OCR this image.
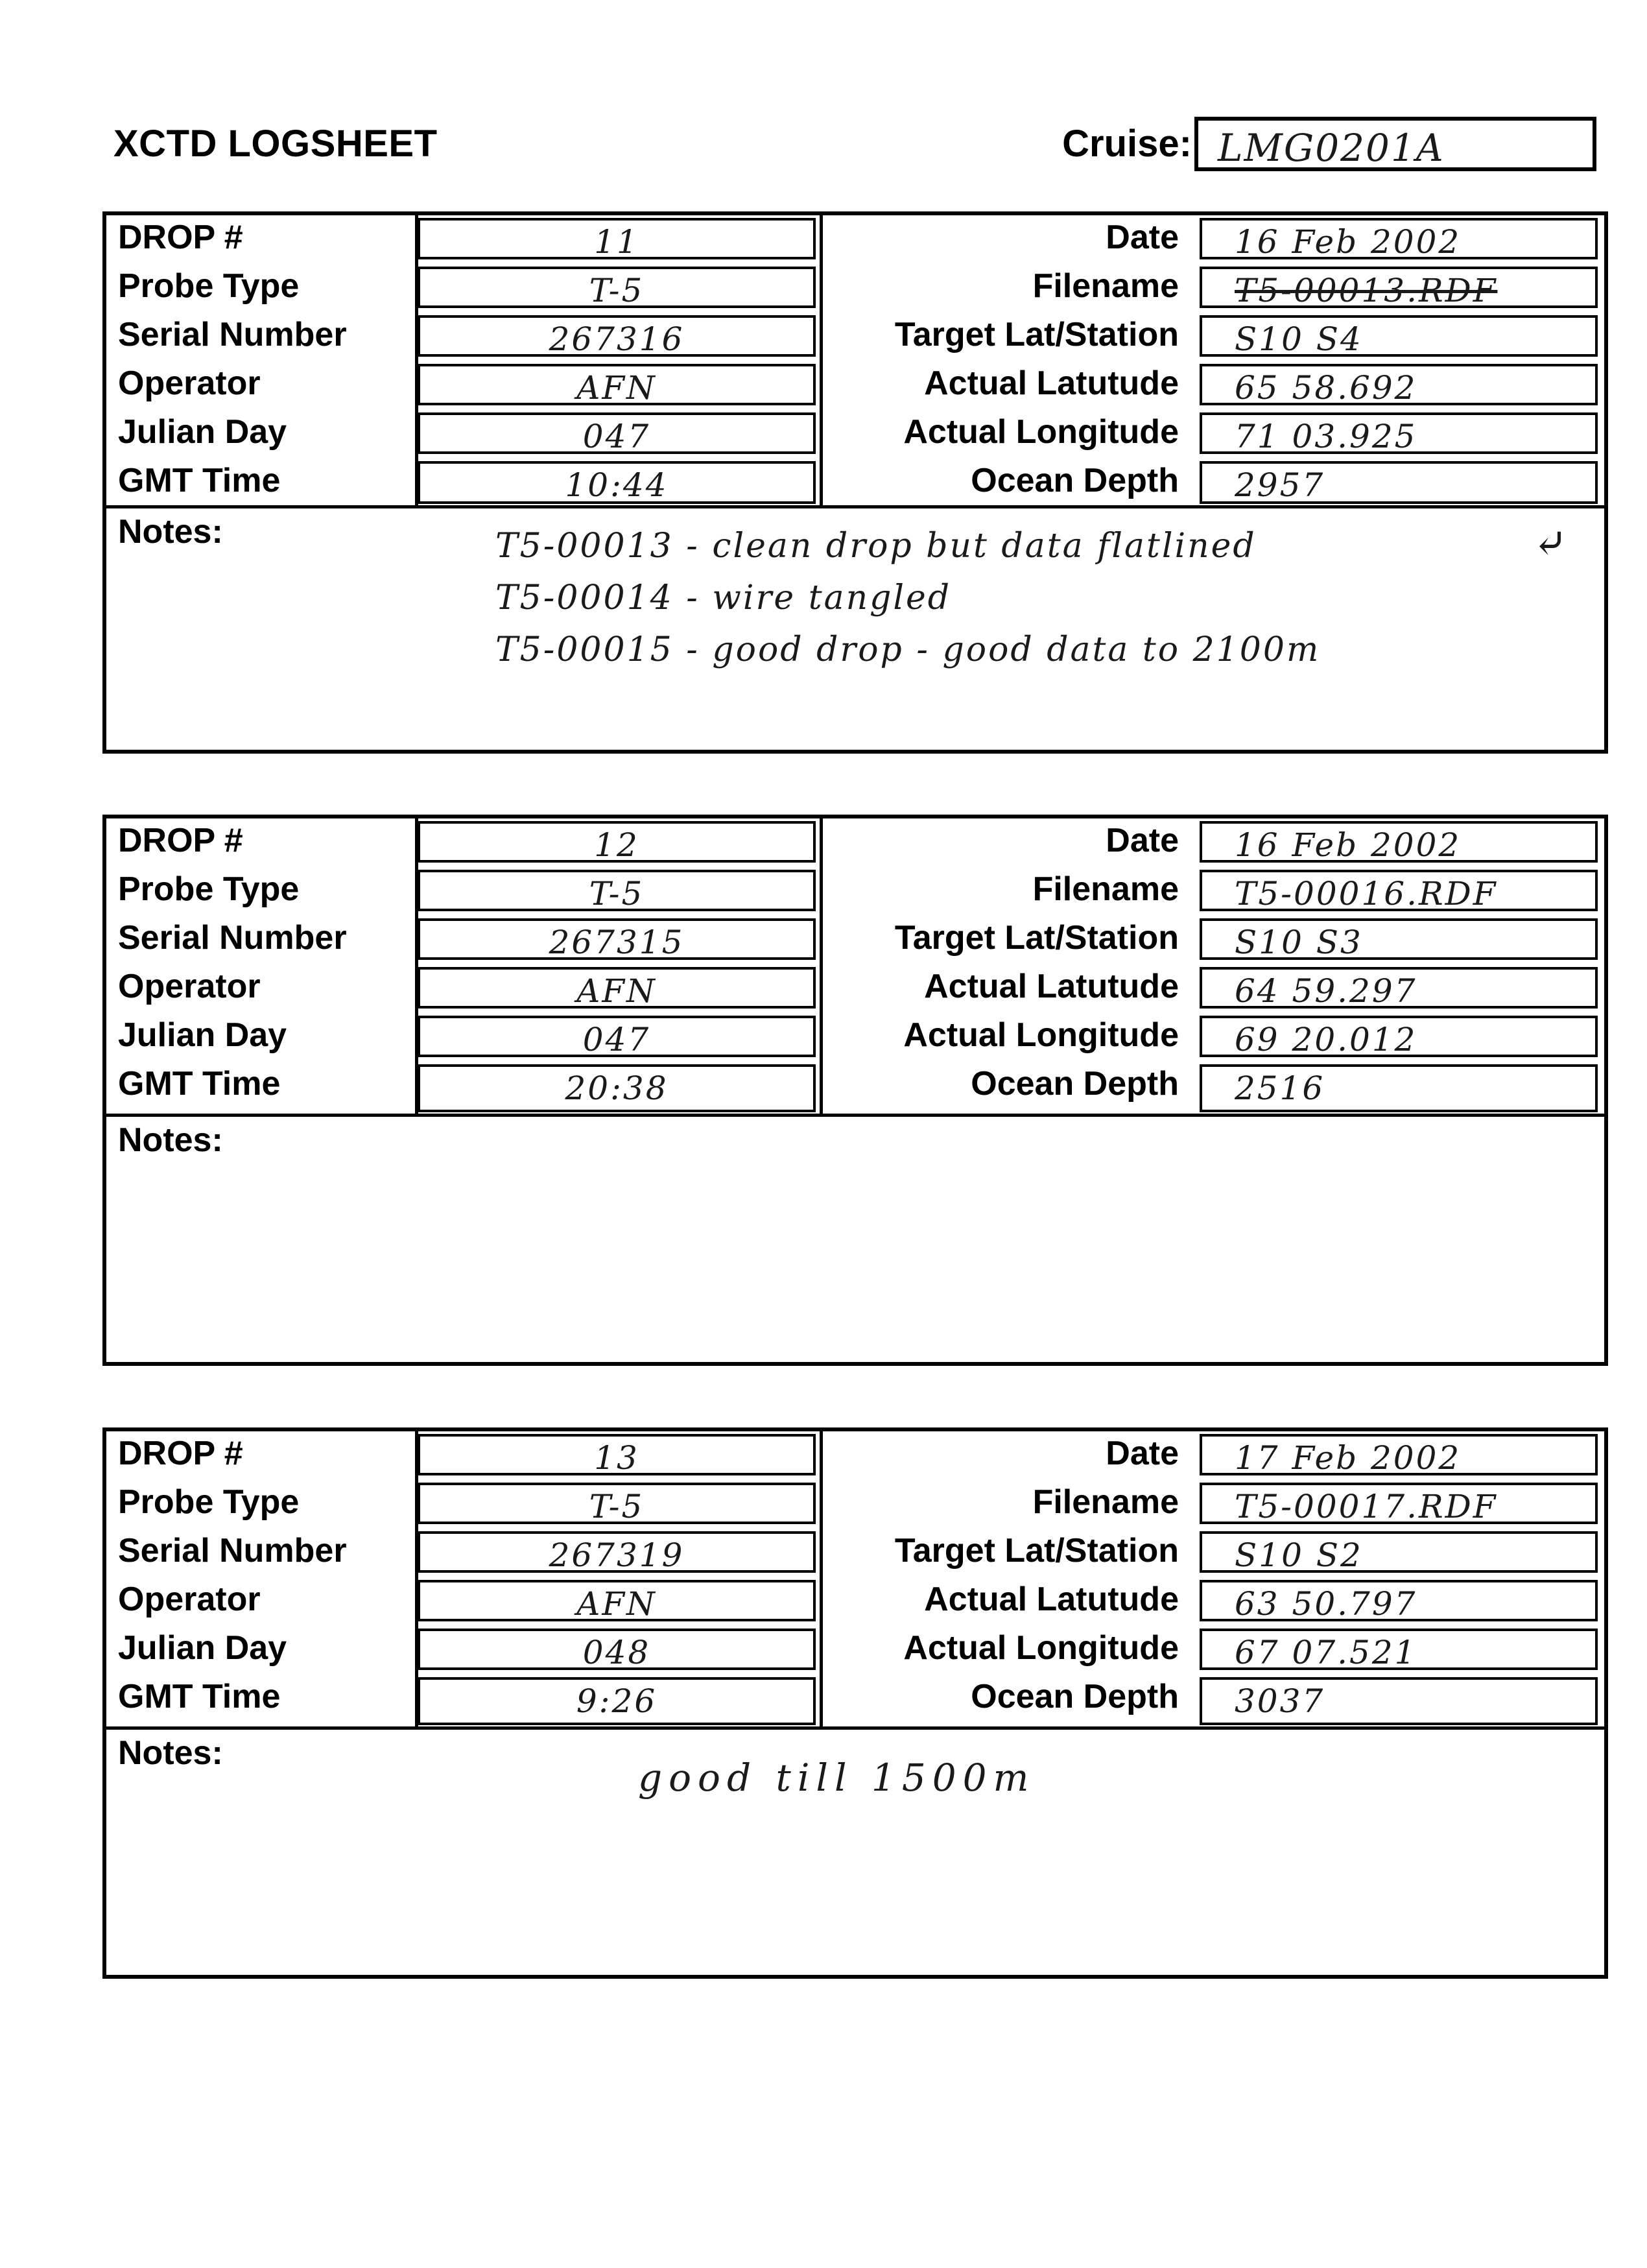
XCTD LOGSHEET	Cruise: LMG0201A
DROP #
Probe Type
Serial Number
Operator
Julian Day
GMT Time
11
T-5
267316
AFN
047
10:44
Date
Filename
Target Lat/Station
Actual Latutude
Actual Longitude
Ocean Depth
16 Feb 2002
T5-00013.RDF
S10 S4
65 58.692
71 03.925
2957
Notes:	T5-00013 - clean drop but data flatlined
T5-00014 - wire tangled
T5-00015 - good drop - good data to 2100m
⤶
DROP #
Probe Type
Serial Number
Operator
Julian Day
GMT Time
12
T-5
267315
AFN
047
20:38
Date
Filename
Target Lat/Station
Actual Latutude
Actual Longitude
Ocean Depth
16 Feb 2002
T5-00016.RDF
S10 S3
64 59.297
69 20.012
2516
Notes:
DROP #
Probe Type
Serial Number
Operator
Julian Day
GMT Time
13
T-5
267319
AFN
048
9:26
Date
Filename
Target Lat/Station
Actual Latutude
Actual Longitude
Ocean Depth
17 Feb 2002
T5-00017.RDF
S10 S2
63 50.797
67 07.521
3037
Notes:
good till 1500m
